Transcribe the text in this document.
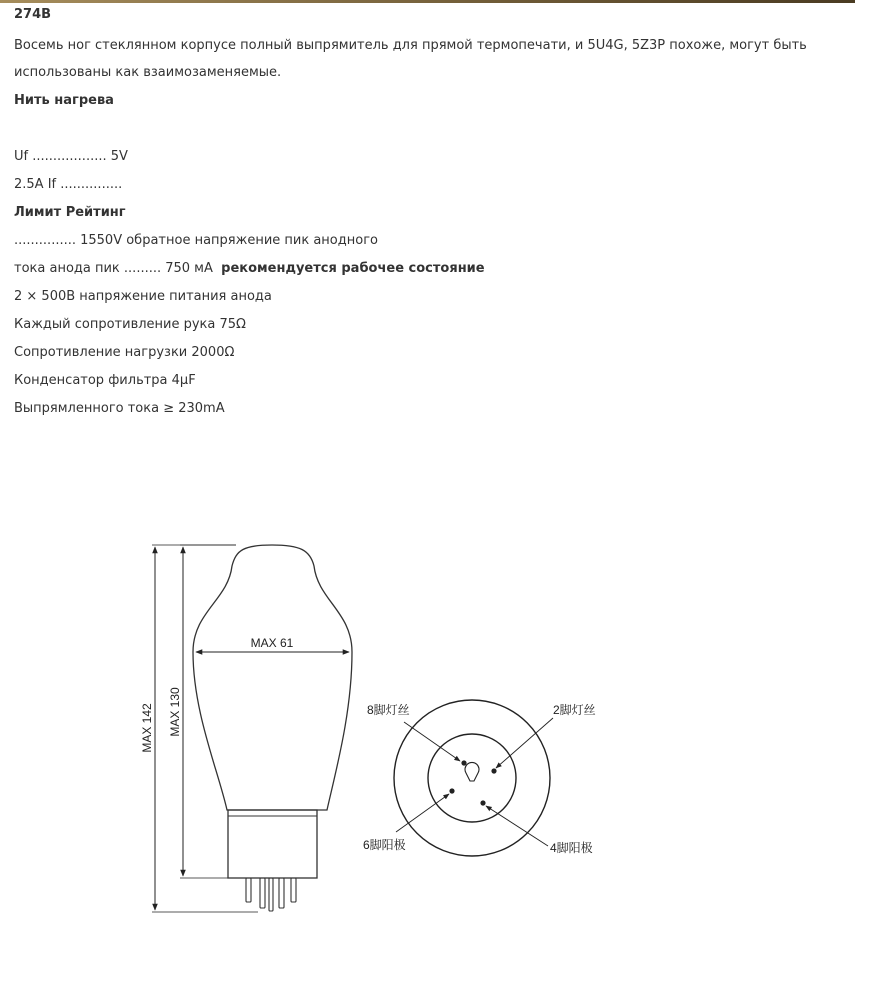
274B
Восемь ног стеклянном корпусе полный выпрямитель для прямой термопечати, и 5U4G, 5Z3P похоже, могут быть
использованы как взаимозаменяемые.
Нить нагрева
Uf .................. 5V
2.5A If ...............
Лимит Рейтинг
............... 1550V обратное напряжение пик анодного
тока анода пик ......... 750 мА рекомендуется рабочее состояние
2 × 500В напряжение питания анода
Каждый сопротивление рука 75Ω
Сопротивление нагрузки 2000Ω
Конденсатор фильтра 4μF
Выпрямленного тока ≥ 230mA
MAX 61
MAX 142 MAX 130	8脚灯丝	2脚灯丝
6脚阳极	4脚阳极
